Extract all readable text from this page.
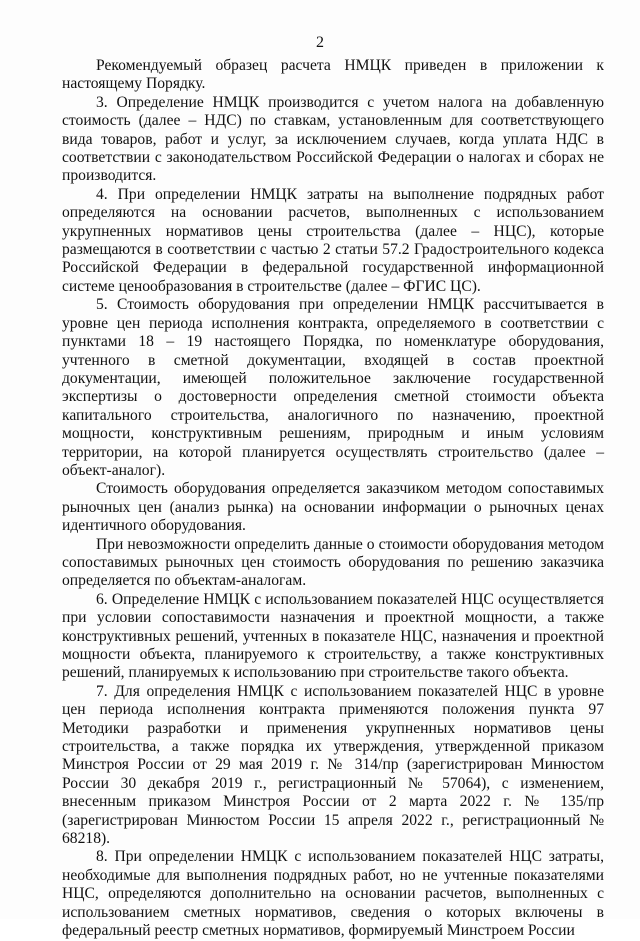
2

Рекомендуемый образец расчета НМЦК приведен в приложении к настоящему Порядку.

3. Определение НМЦК производится с учетом налога на добавленную стоимость (далее – НДС) по ставкам, установленным для соответствующего вида товаров, работ и услуг, за исключением случаев, когда уплата НДС в соответствии с законодательством Российской Федерации о налогах и сборах не производится.

4. При определении НМЦК затраты на выполнение подрядных работ определяются на основании расчетов, выполненных с использованием укрупненных нормативов цены строительства (далее – НЦС), которые размещаются в соответствии с частью 2 статьи 57.2 Градостроительного кодекса Российской Федерации в федеральной государственной информационной системе ценообразования в строительстве (далее – ФГИС ЦС).

5. Стоимость оборудования при определении НМЦК рассчитывается в уровне цен периода исполнения контракта, определяемого в соответствии с пунктами 18 – 19 настоящего Порядка, по номенклатуре оборудования, учтенного в сметной документации, входящей в состав проектной документации, имеющей положительное заключение государственной экспертизы о достоверности определения сметной стоимости объекта капитального строительства, аналогичного по назначению, проектной мощности, конструктивным решениям, природным и иным условиям территории, на которой планируется осуществлять строительство (далее – объект-аналог).

Стоимость оборудования определяется заказчиком методом сопоставимых рыночных цен (анализ рынка) на основании информации о рыночных ценах идентичного оборудования.

При невозможности определить данные о стоимости оборудования методом сопоставимых рыночных цен стоимость оборудования по решению заказчика определяется по объектам-аналогам.

6. Определение НМЦК с использованием показателей НЦС осуществляется при условии сопоставимости назначения и проектной мощности, а также конструктивных решений, учтенных в показателе НЦС, назначения и проектной мощности объекта, планируемого к строительству, а также конструктивных решений, планируемых к использованию при строительстве такого объекта.

7. Для определения НМЦК с использованием показателей НЦС в уровне цен периода исполнения контракта применяются положения пункта 97 Методики разработки и применения укрупненных нормативов цены строительства, а также порядка их утверждения, утвержденной приказом Минстроя России от 29 мая 2019 г. № 314/пр (зарегистрирован Минюстом России 30 декабря 2019 г., регистрационный № 57064), с изменением, внесенным приказом Минстроя России от 2 марта 2022 г. № 135/пр (зарегистрирован Минюстом России 15 апреля 2022 г., регистрационный № 68218).

8. При определении НМЦК с использованием показателей НЦС затраты, необходимые для выполнения подрядных работ, но не учтенные показателями НЦС, определяются дополнительно на основании расчетов, выполненных с использованием сметных нормативов, сведения о которых включены в федеральный реестр сметных нормативов, формируемый Минстроем России
